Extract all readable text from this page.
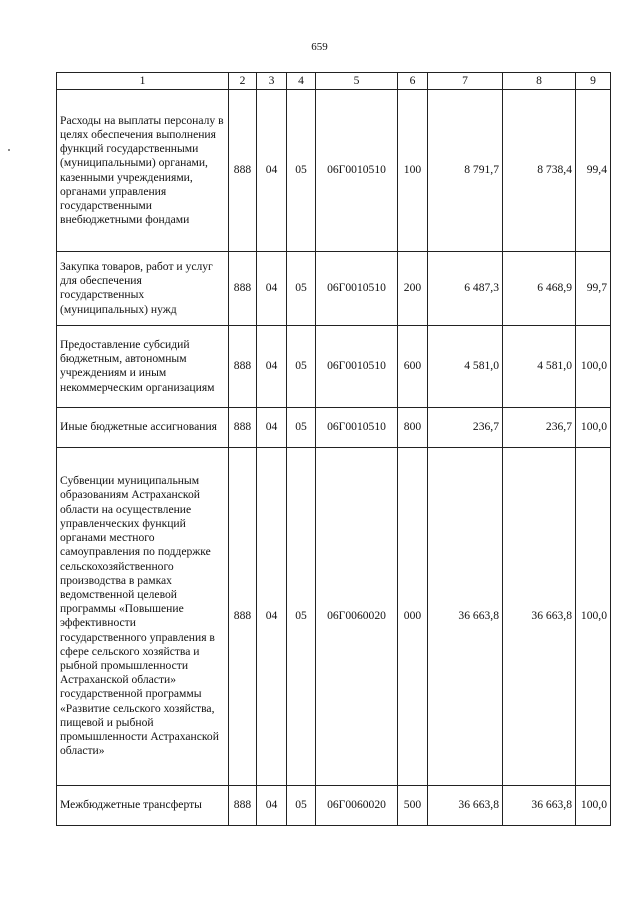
659
1	2	3	4	5	6	7	8	9
Расходы на выплаты персоналу в целях обеспечения выполнения функций государственными (муниципальными) органами, казенными учреждениями, органами управления государственными внебюджетными фондами	888	04	05	06Г0010510	100	8 791,7	8 738,4	99,4
Закупка товаров, работ и услуг для обеспечения государственных (муниципальных) нужд	888	04	05	06Г0010510	200	6 487,3	6 468,9	99,7
Предоставление субсидий бюджетным, автономным учреждениям и иным некоммерческим организациям	888	04	05	06Г0010510	600	4 581,0	4 581,0	100,0
Иные бюджетные ассигнования	888	04	05	06Г0010510	800	236,7	236,7	100,0
Субвенции муниципальным образованиям Астраханской области на осуществление управленческих функций органами местного самоуправления по поддержке сельскохозяйственного производства в рамках ведомственной целевой программы «Повышение эффективности государственного управления в сфере сельского хозяйства и рыбной промышленности Астраханской области» государственной программы «Развитие сельского хозяйства, пищевой и рыбной промышленности Астраханской области»	888	04	05	06Г0060020	000	36 663,8	36 663,8	100,0
Межбюджетные трансферты	888	04	05	06Г0060020	500	36 663,8	36 663,8	100,0
